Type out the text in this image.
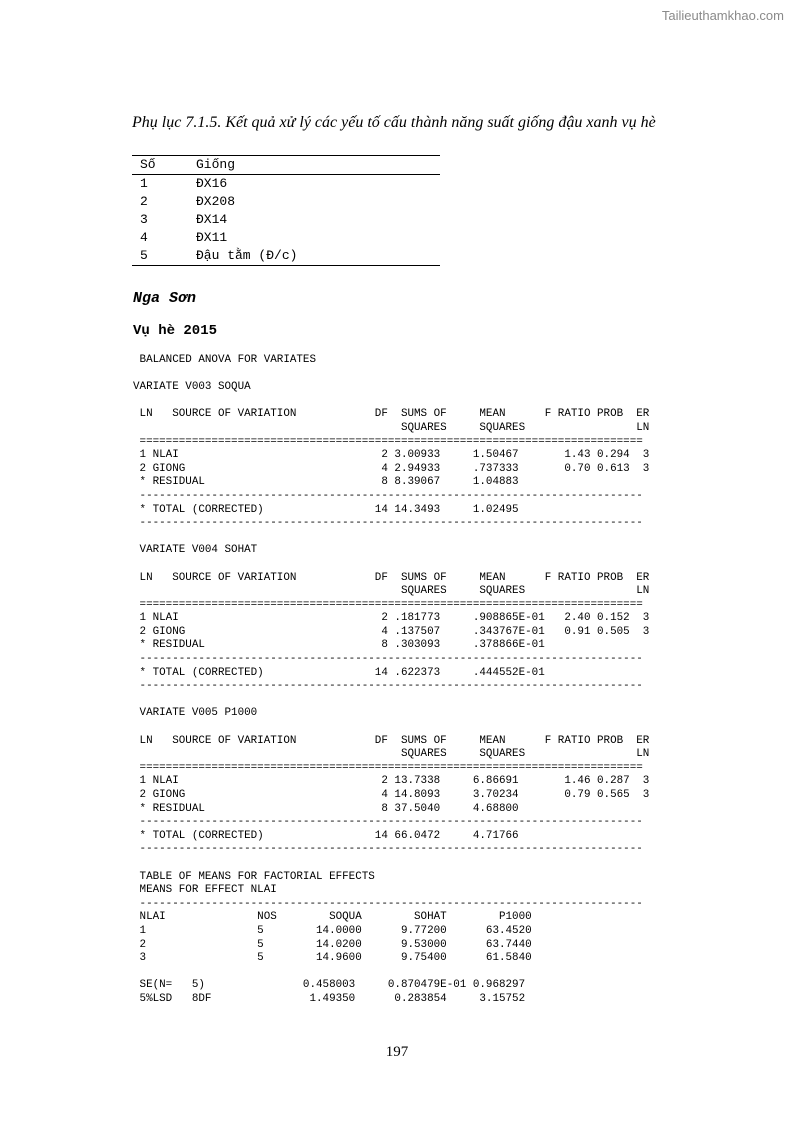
Tailieuthamkhao.com
Phụ lục 7.1.5. Kết quả xử lý các yếu tố cấu thành năng suất giống đậu xanh vụ hè
Số	Giống
1	ĐX16
2	ĐX208
3	ĐX14
4	ĐX11
5	Đậu tằm (Đ/c)
Nga Sơn
Vụ hè 2015
BALANCED ANOVA FOR VARIATES

VARIATE V003 SOQUA

LN   SOURCE OF VARIATION            DF  SUMS OF     MEAN      F RATIO PROB  ER
SQUARES     SQUARES                 LN
=============================================================================
1 NLAI                               2 3.00933     1.50467       1.43 0.294  3
2 GIONG                              4 2.94933     .737333       0.70 0.613  3
* RESIDUAL                           8 8.39067     1.04883
-----------------------------------------------------------------------------
* TOTAL (CORRECTED)                 14 14.3493     1.02495
-----------------------------------------------------------------------------

VARIATE V004 SOHAT

LN   SOURCE OF VARIATION            DF  SUMS OF     MEAN      F RATIO PROB  ER
SQUARES     SQUARES                 LN
=============================================================================
1 NLAI                               2 .181773     .908865E-01   2.40 0.152  3
2 GIONG                              4 .137507     .343767E-01   0.91 0.505  3
* RESIDUAL                           8 .303093     .378866E-01
-----------------------------------------------------------------------------
* TOTAL (CORRECTED)                 14 .622373     .444552E-01
-----------------------------------------------------------------------------

VARIATE V005 P1000

LN   SOURCE OF VARIATION            DF  SUMS OF     MEAN      F RATIO PROB  ER
SQUARES     SQUARES                 LN
=============================================================================
1 NLAI                               2 13.7338     6.86691       1.46 0.287  3
2 GIONG                              4 14.8093     3.70234       0.79 0.565  3
* RESIDUAL                           8 37.5040     4.68800
-----------------------------------------------------------------------------
* TOTAL (CORRECTED)                 14 66.0472     4.71766
-----------------------------------------------------------------------------

TABLE OF MEANS FOR FACTORIAL EFFECTS
MEANS FOR EFFECT NLAI
-----------------------------------------------------------------------------
NLAI              NOS        SOQUA        SOHAT        P1000
1                 5        14.0000      9.77200      63.4520
2                 5        14.0200      9.53000      63.7440
3                 5        14.9600      9.75400      61.5840

SE(N=   5)               0.458003     0.870479E-01 0.968297
5%LSD   8DF               1.49350      0.283854     3.15752

197
